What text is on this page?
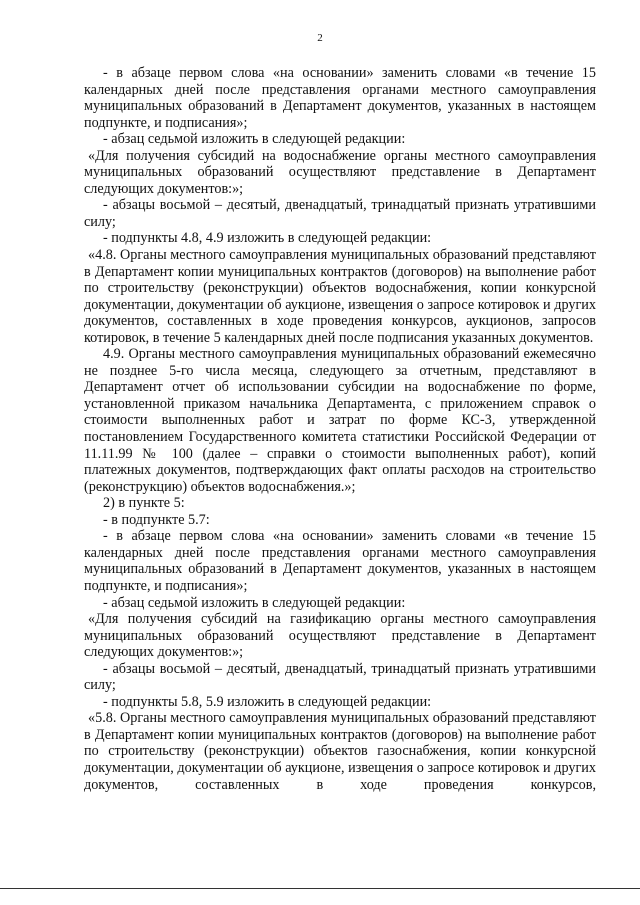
2

- в абзаце первом слова «на основании» заменить словами «в течение 15 календарных дней после представления органами местного самоуправления муниципальных образований в Департамент документов, указанных в настоящем подпункте, и подписания»;

- абзац седьмой изложить в следующей редакции:

«Для получения субсидий на водоснабжение органы местного самоуправления муниципальных образований осуществляют представление в Департамент следующих документов:»;

- абзацы восьмой – десятый, двенадцатый, тринадцатый признать утратившими силу;

- подпункты 4.8, 4.9 изложить в следующей редакции:

«4.8. Органы местного самоуправления муниципальных образований представляют в Департамент копии муниципальных контрактов (договоров) на выполнение работ по строительству (реконструкции) объектов водоснабжения, копии конкурсной документации, документации об аукционе, извещения о запросе котировок и других документов, составленных в ходе проведения конкурсов, аукционов, запросов котировок, в течение 5 календарных дней после подписания указанных документов.

4.9. Органы местного самоуправления муниципальных образований ежемесячно не позднее 5-го числа месяца, следующего за отчетным, представляют в Департамент отчет об использовании субсидии на водоснабжение по форме, установленной приказом начальника Департамента, с приложением справок о стоимости выполненных работ и затрат по форме КС-3, утвержденной постановлением Государственного комитета статистики Российской Федерации от 11.11.99 № 100 (далее – справки о стоимости выполненных работ), копий платежных документов, подтверждающих факт оплаты расходов на строительство (реконструкцию) объектов водоснабжения.»;

2) в пункте 5:

- в подпункте 5.7:

- в абзаце первом слова «на основании» заменить словами «в течение 15 календарных дней после представления органами местного самоуправления муниципальных образований в Департамент документов, указанных в настоящем подпункте, и подписания»;

- абзац седьмой изложить в следующей редакции:

«Для получения субсидий на газификацию органы местного самоуправления муниципальных образований осуществляют представление в Департамент следующих документов:»;

- абзацы восьмой – десятый, двенадцатый, тринадцатый признать утратившими силу;

- подпункты 5.8, 5.9 изложить в следующей редакции:

«5.8. Органы местного самоуправления муниципальных образований представляют в Департамент копии муниципальных контрактов (договоров) на выполнение работ по строительству (реконструкции) объектов газоснабжения, копии конкурсной документации, документации об аукционе, извещения о запросе котировок и других документов, составленных в ходе проведения конкурсов,
